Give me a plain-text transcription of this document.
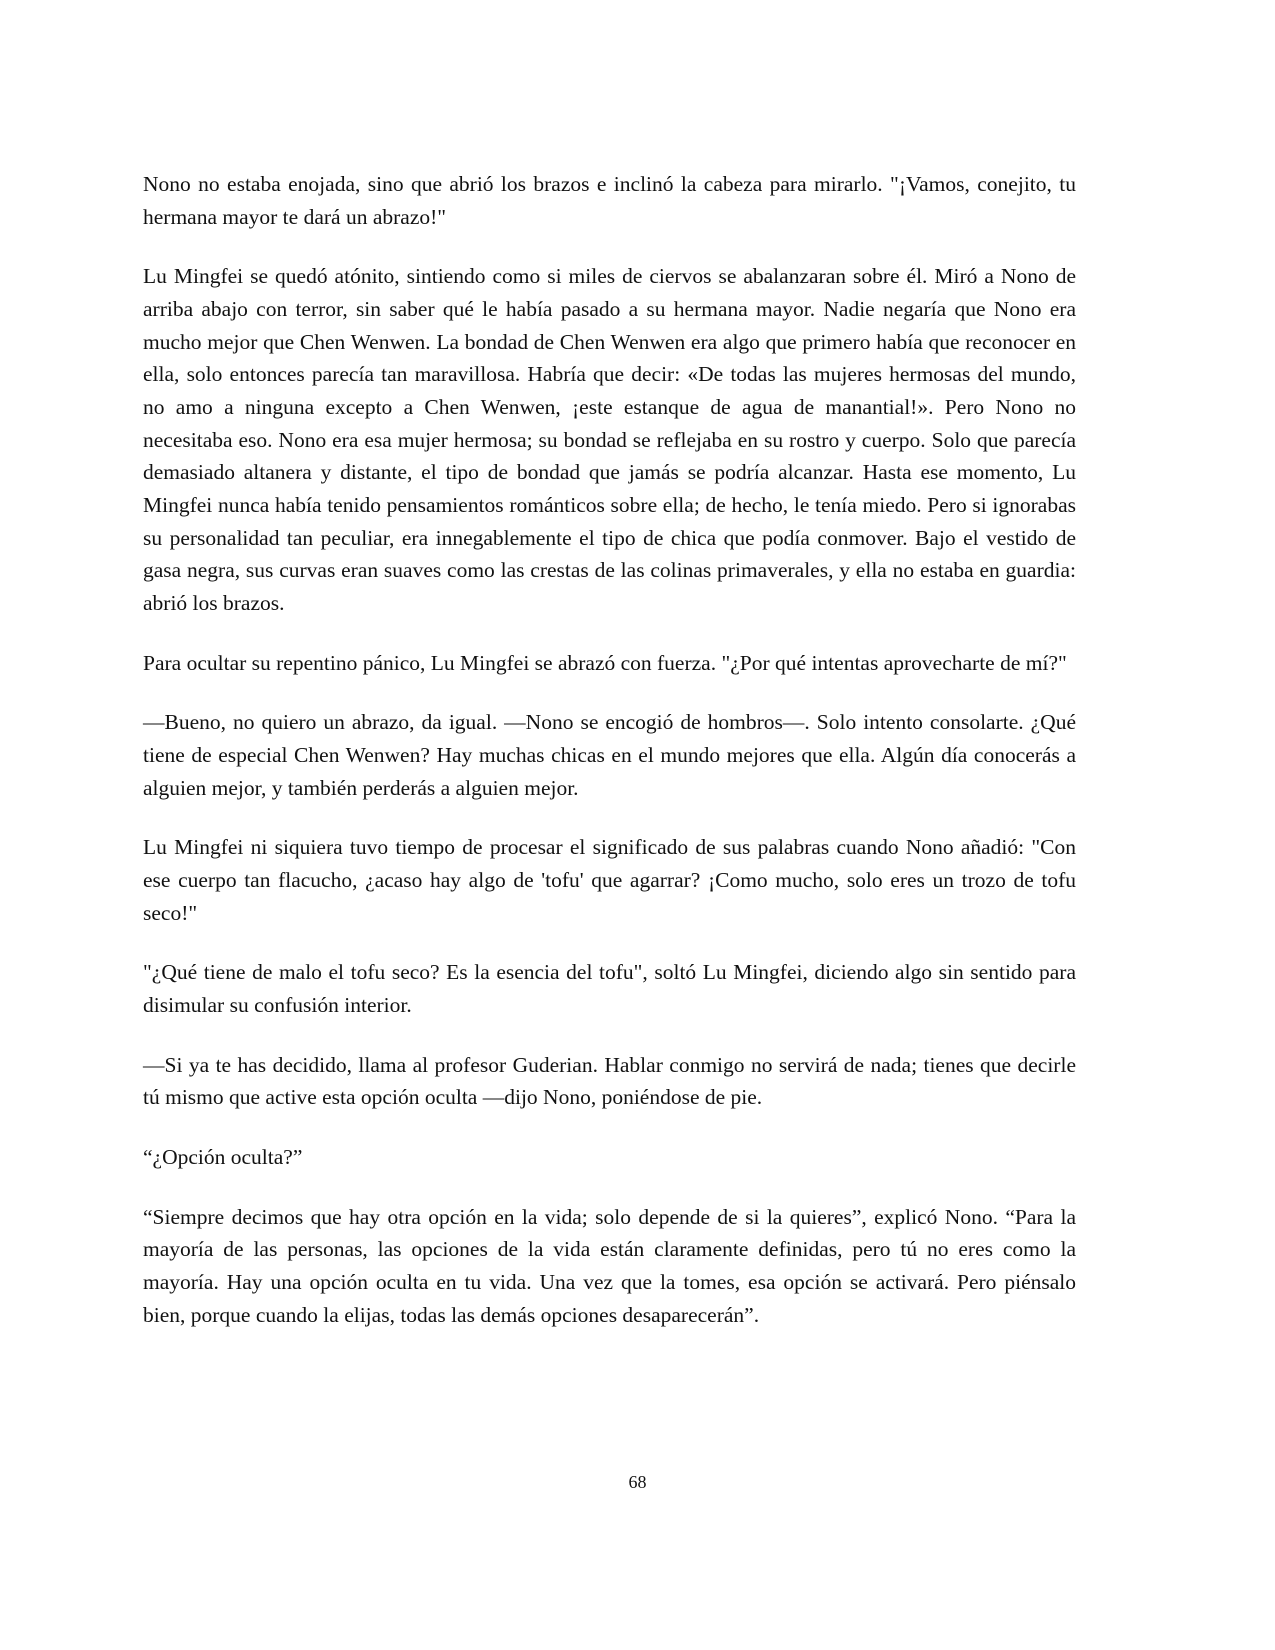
Nono no estaba enojada, sino que abrió los brazos e inclinó la cabeza para mirarlo. "¡Vamos, conejito, tu hermana mayor te dará un abrazo!"

Lu Mingfei se quedó atónito, sintiendo como si miles de ciervos se abalanzaran sobre él. Miró a Nono de arriba abajo con terror, sin saber qué le había pasado a su hermana mayor. Nadie negaría que Nono era mucho mejor que Chen Wenwen. La bondad de Chen Wenwen era algo que primero había que reconocer en ella, solo entonces parecía tan maravillosa. Habría que decir: «De todas las mujeres hermosas del mundo, no amo a ninguna excepto a Chen Wenwen, ¡este estanque de agua de manantial!». Pero Nono no necesitaba eso. Nono era esa mujer hermosa; su bondad se reflejaba en su rostro y cuerpo. Solo que parecía demasiado altanera y distante, el tipo de bondad que jamás se podría alcanzar. Hasta ese momento, Lu Mingfei nunca había tenido pensamientos románticos sobre ella; de hecho, le tenía miedo. Pero si ignorabas su personalidad tan peculiar, era innegablemente el tipo de chica que podía conmover. Bajo el vestido de gasa negra, sus curvas eran suaves como las crestas de las colinas primaverales, y ella no estaba en guardia: abrió los brazos.

Para ocultar su repentino pánico, Lu Mingfei se abrazó con fuerza. "¿Por qué intentas aprovecharte de mí?"

—Bueno, no quiero un abrazo, da igual. —Nono se encogió de hombros—. Solo intento consolarte. ¿Qué tiene de especial Chen Wenwen? Hay muchas chicas en el mundo mejores que ella. Algún día conocerás a alguien mejor, y también perderás a alguien mejor.

Lu Mingfei ni siquiera tuvo tiempo de procesar el significado de sus palabras cuando Nono añadió: "Con ese cuerpo tan flacucho, ¿acaso hay algo de 'tofu' que agarrar? ¡Como mucho, solo eres un trozo de tofu seco!"

"¿Qué tiene de malo el tofu seco? Es la esencia del tofu", soltó Lu Mingfei, diciendo algo sin sentido para disimular su confusión interior.

—Si ya te has decidido, llama al profesor Guderian. Hablar conmigo no servirá de nada; tienes que decirle tú mismo que active esta opción oculta —dijo Nono, poniéndose de pie.

“¿Opción oculta?”

“Siempre decimos que hay otra opción en la vida; solo depende de si la quieres”, explicó Nono. “Para la mayoría de las personas, las opciones de la vida están claramente definidas, pero tú no eres como la mayoría. Hay una opción oculta en tu vida. Una vez que la tomes, esa opción se activará. Pero piénsalo bien, porque cuando la elijas, todas las demás opciones desaparecerán”.

68
